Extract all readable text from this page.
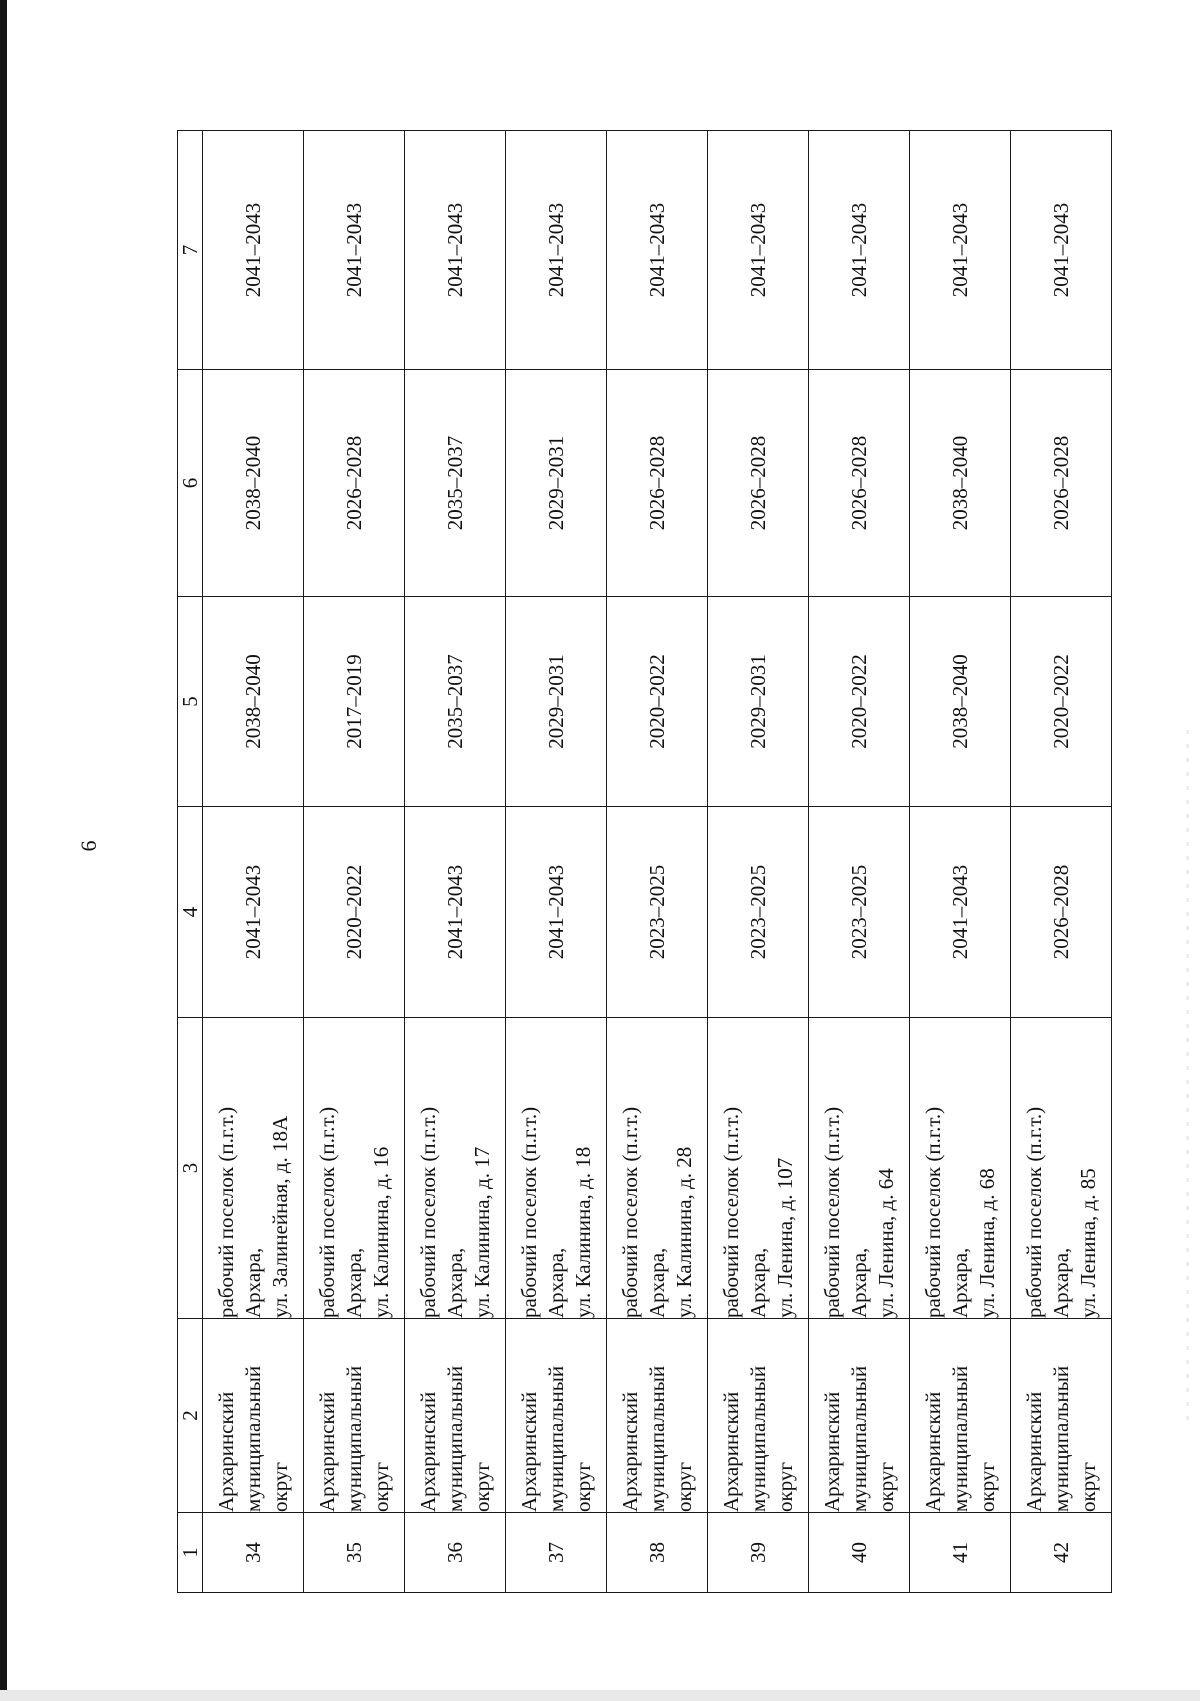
6
1	2	3	4	5	6	7
34	Архаринский муниципальный округ	рабочий поселок (п.г.т.) Архара, ул. Залинейная, д. 18А	2041–2043	2038–2040	2038–2040	2041–2043
35	Архаринский муниципальный округ	рабочий поселок (п.г.т.) Архара, ул. Калинина, д. 16	2020–2022	2017–2019	2026–2028	2041–2043
36	Архаринский муниципальный округ	рабочий поселок (п.г.т.) Архара, ул. Калинина, д. 17	2041–2043	2035–2037	2035–2037	2041–2043
37	Архаринский муниципальный округ	рабочий поселок (п.г.т.) Архара, ул. Калинина, д. 18	2041–2043	2029–2031	2029–2031	2041–2043
38	Архаринский муниципальный округ	рабочий поселок (п.г.т.) Архара, ул. Калинина, д. 28	2023–2025	2020–2022	2026–2028	2041–2043
39	Архаринский муниципальный округ	рабочий поселок (п.г.т.) Архара, ул. Ленина, д. 107	2023–2025	2029–2031	2026–2028	2041–2043
40	Архаринский муниципальный округ	рабочий поселок (п.г.т.) Архара, ул. Ленина, д. 64	2023–2025	2020–2022	2026–2028	2041–2043
41	Архаринский муниципальный округ	рабочий поселок (п.г.т.) Архара, ул. Ленина, д. 68	2041–2043	2038–2040	2038–2040	2041–2043
42	Архаринский муниципальный округ	рабочий поселок (п.г.т.) Архара, ул. Ленина, д. 85	2026–2028	2020–2022	2026–2028	2041–2043
